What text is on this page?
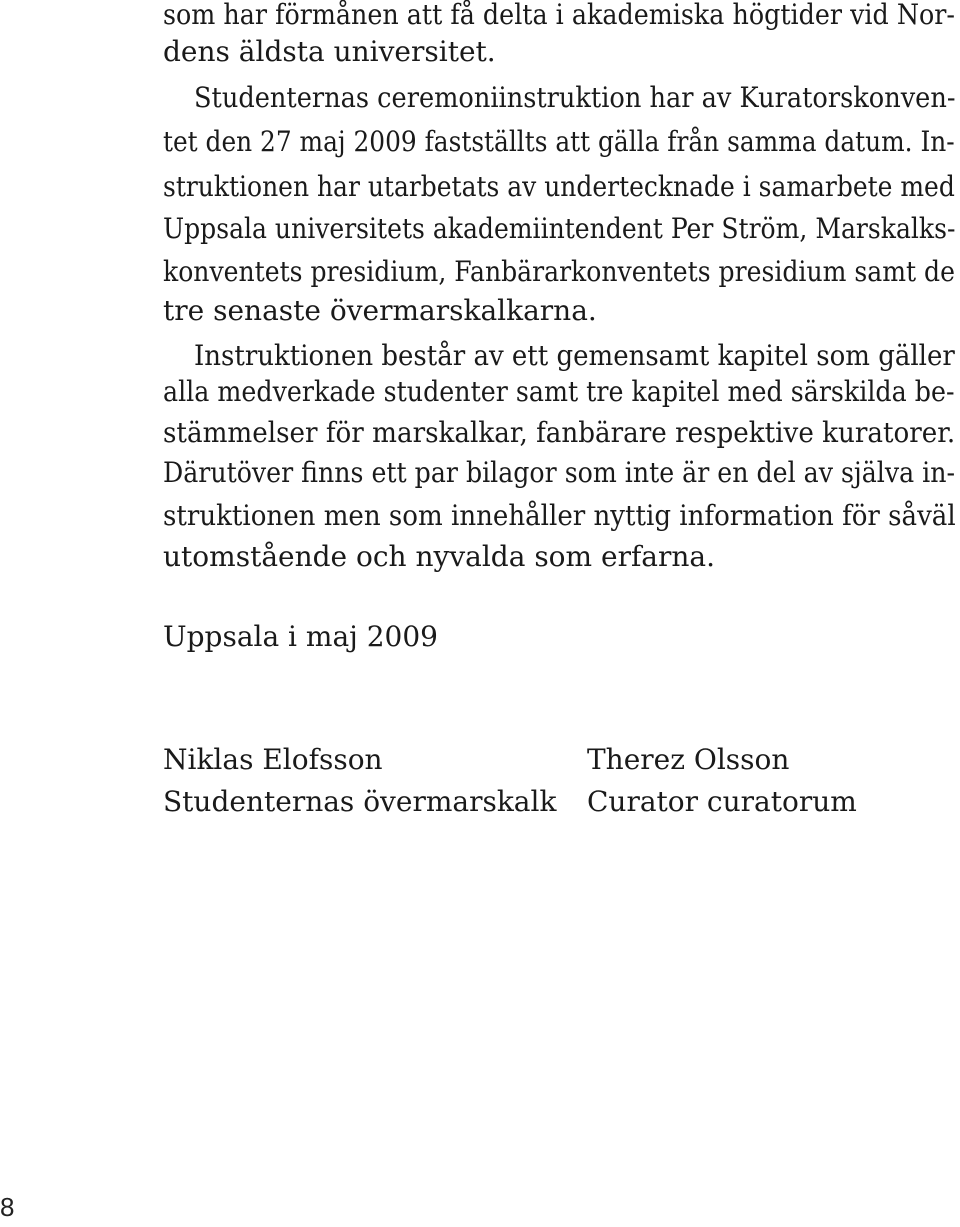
som har förmånen att få delta i akademiska högtider vid Nor-
dens äldsta universitet.
Studenternas ceremoniinstruktion har av Kuratorskonven-
tet den 27 maj 2009 fastställts att gälla från samma datum. In-
struktionen har utarbetats av undertecknade i samarbete med
Uppsala universitets akademiintendent Per Ström, Marskalks-
konventets presidium, Fanbärarkonventets presidium samt de
tre senaste övermarskalkarna.
Instruktionen består av ett gemensamt kapitel som gäller
alla medverkade studenter samt tre kapitel med särskilda be-
stämmelser för marskalkar, fanbärare respektive kuratorer.
Därutöver finns ett par bilagor som inte är en del av själva in-
struktionen men som innehåller nyttig information för såväl
utomstående och nyvalda som erfarna.
Uppsala i maj 2009
Niklas Elofsson
Studenternas övermarskalk
Therez Olsson
Curator curatorum
8
